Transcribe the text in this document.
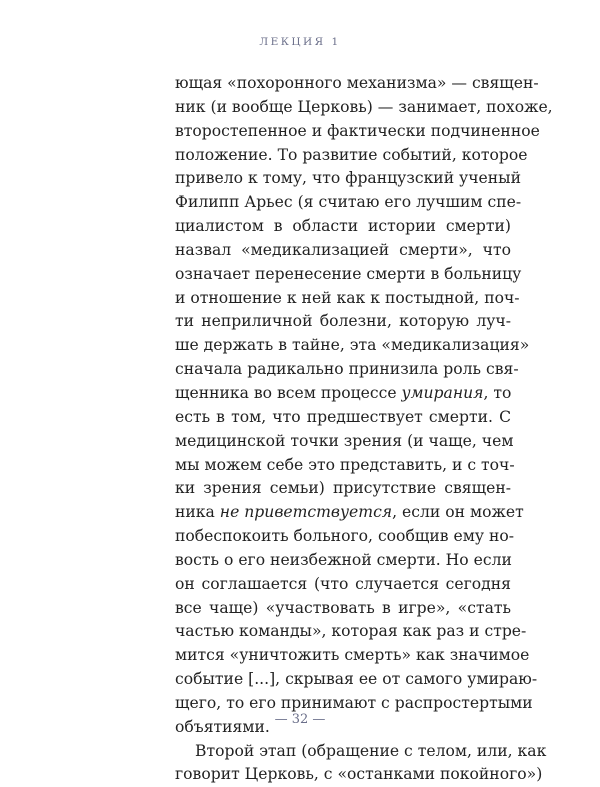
ЛЕКЦИЯ 1
ющая «похоронного механизма» — священ-
ник (и вообще Церковь) — занимает, похоже,
второстепенное и фактически подчиненное
положение. То развитие событий, которое
привело к тому, что французский ученый
Филипп Арьес (я считаю его лучшим спе-
циалистом в области истории смерти)
назвал «медикализацией смерти», что
означает перенесение смерти в больницу
и отношение к ней как к постыдной, поч-
ти неприличной болезни, которую луч-
ше держать в тайне, эта «медикализация»
сначала радикально принизила роль свя-
щенника во всем процессе умирания, то
есть в том, что предшествует смерти. С
медицинской точки зрения (и чаще, чем
мы можем себе это представить, и с точ-
ки зрения семьи) присутствие священ-
ника не приветствуется, если он может
побеспокоить больного, сообщив ему но-
вость о его неизбежной смерти. Но если
он соглашается (что случается сегодня
все чаще) «участвовать в игре», «стать
частью команды», которая как раз и стре-
мится «уничтожить смерть» как значимое
событие [...], скрывая ее от самого умираю-
щего, то его принимают с распростертыми
объятиями.
Второй этап (обращение с телом, или, как
говорит Церковь, с «останками покойного»)
— 32 —
